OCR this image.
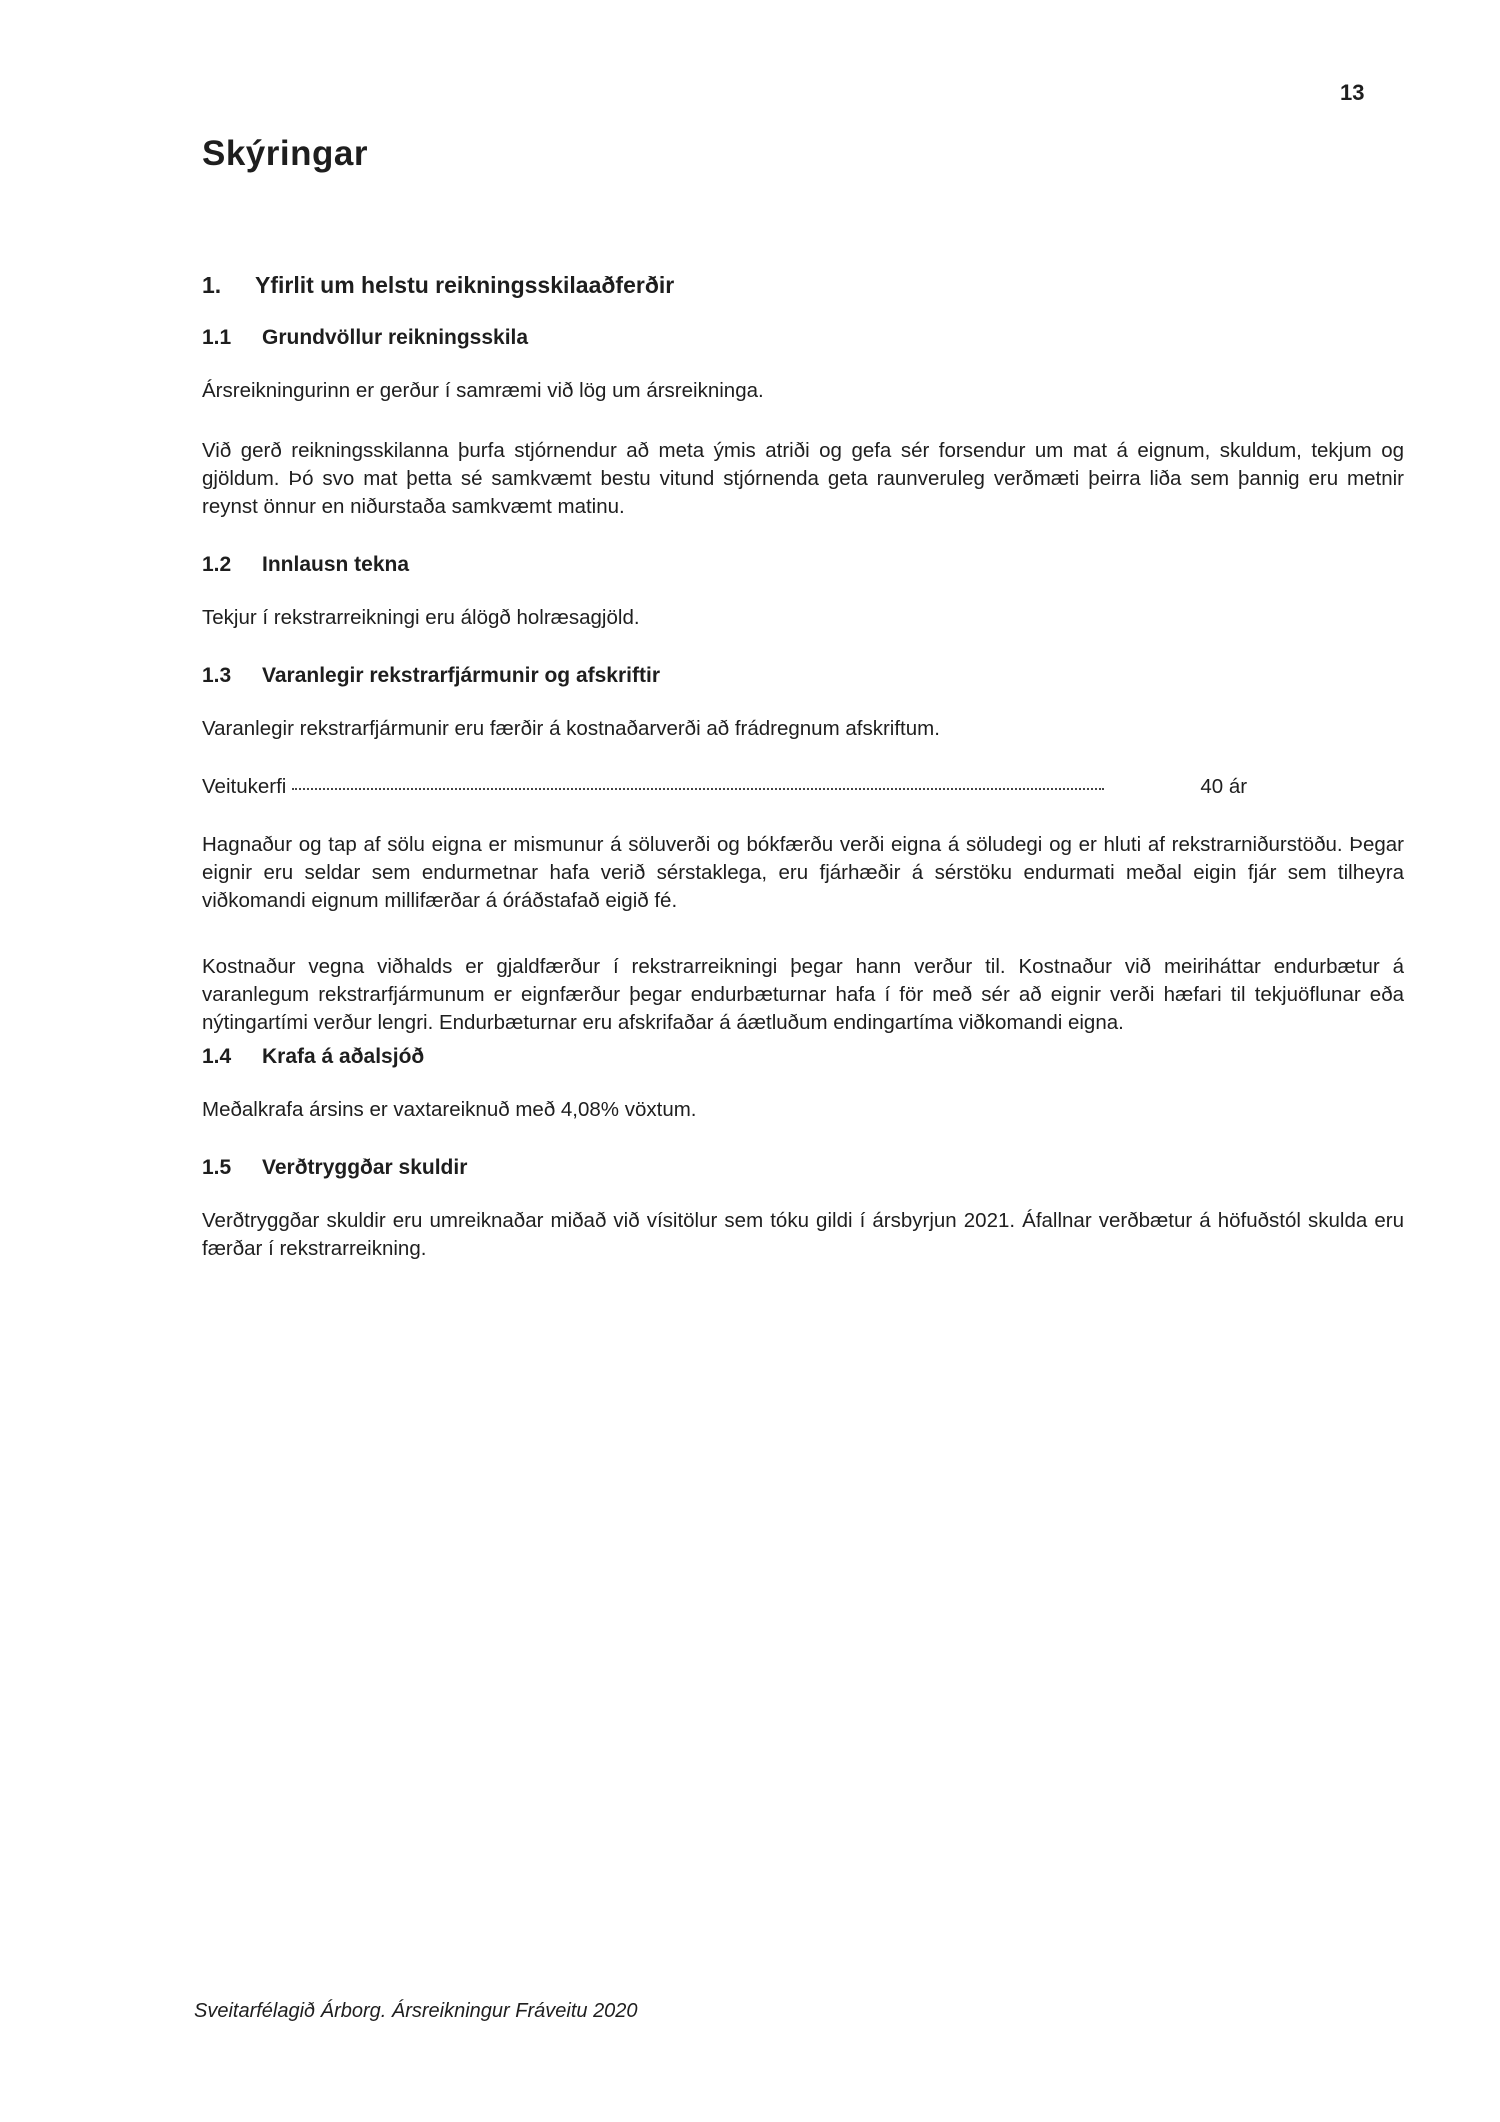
13
Skýringar
1.	Yfirlit um helstu reikningsskilaaðferðir
1.1	Grundvöllur reikningsskila

Ársreikningurinn er gerður í samræmi við lög um ársreikninga.

Við gerð reikningsskilanna þurfa stjórnendur að meta ýmis atriði og gefa sér forsendur um mat á eignum, skuldum, tekjum og gjöldum. Þó svo mat þetta sé samkvæmt bestu vitund stjórnenda geta raunveruleg verðmæti þeirra liða sem þannig eru metnir reynst önnur en niðurstaða samkvæmt matinu.

1.2	Innlausn tekna

Tekjur í rekstrarreikningi eru álögð holræsagjöld.

1.3	Varanlegir rekstrarfjármunir og afskriftir

Varanlegir rekstrarfjármunir eru færðir á kostnaðarverði að frádregnum afskriftum.

Veitukerfi	40 ár

Hagnaður og tap af sölu eigna er mismunur á söluverði og bókfærðu verði eigna á söludegi og er hluti af rekstrarniðurstöðu. Þegar eignir eru seldar sem endurmetnar hafa verið sérstaklega, eru fjárhæðir á sérstöku endurmati meðal eigin fjár sem tilheyra viðkomandi eignum millifærðar á óráðstafað eigið fé.

Kostnaður vegna viðhalds er gjaldfærður í rekstrarreikningi þegar hann verður til. Kostnaður við meiriháttar endurbætur á varanlegum rekstrarfjármunum er eignfærður þegar endurbæturnar hafa í för með sér að eignir verði hæfari til tekjuöflunar eða nýtingartími verður lengri. Endurbæturnar eru afskrifaðar á áætluðum endingartíma viðkomandi eigna.

1.4	Krafa á aðalsjóð

Meðalkrafa ársins er vaxtareiknuð með 4,08% vöxtum.

1.5	Verðtryggðar skuldir

Verðtryggðar skuldir eru umreiknaðar miðað við vísitölur sem tóku gildi í ársbyrjun 2021. Áfallnar verðbætur á höfuðstól skulda eru færðar í rekstrarreikning.

Sveitarfélagið Árborg. Ársreikningur Fráveitu 2020
